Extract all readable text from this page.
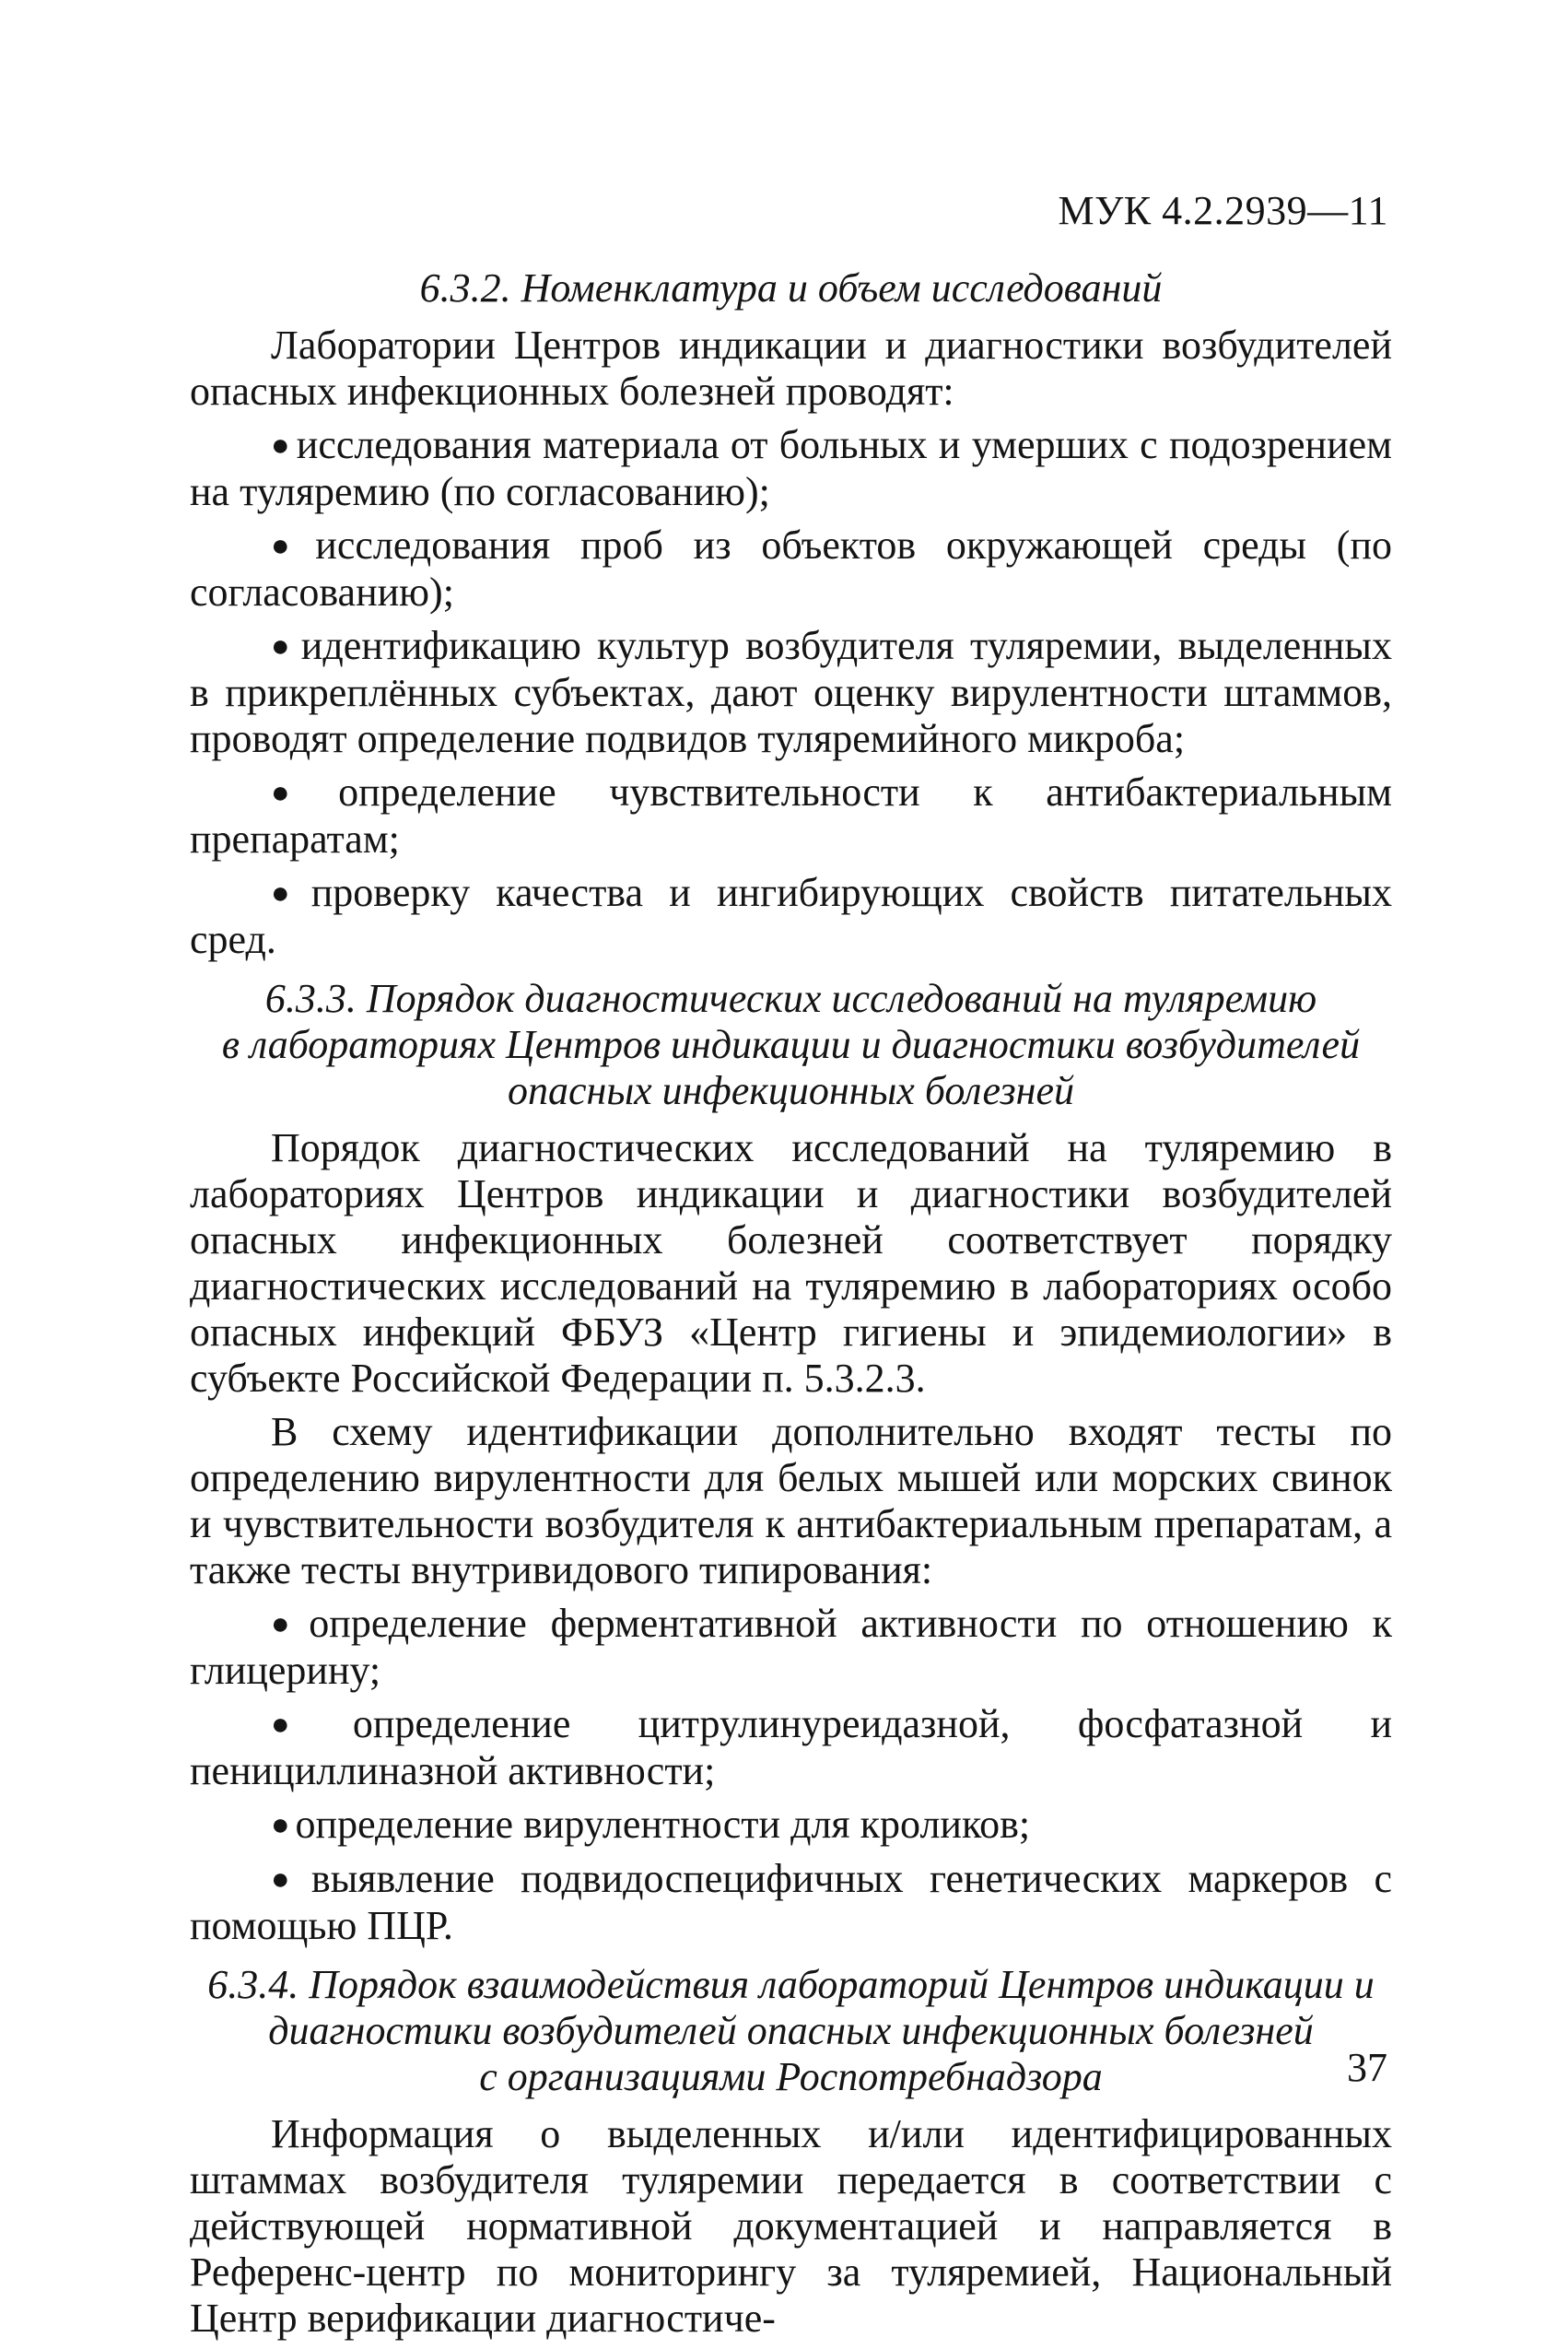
МУК 4.2.2939—11
6.3.2. Номенклатура и объем исследований

Лаборатории Центров индикации и диагностики возбудителей опасных инфекционных болезней проводят:

● исследования материала от больных и умерших с подозрением на туляремию (по согласованию);

● исследования проб из объектов окружающей среды (по согласованию);

● идентификацию культур возбудителя туляремии, выделенных в прикреплённых субъектах, дают оценку вирулентности штаммов, проводят определение подвидов туляремийного микроба;

● определение чувствительности к антибактериальным препаратам;

● проверку качества и ингибирующих свойств питательных сред.

6.3.3. Порядок диагностических исследований на туляремию
в лабораториях Центров индикации и диагностики возбудителей
опасных инфекционных болезней

Порядок диагностических исследований на туляремию в лабораториях Центров индикации и диагностики возбудителей опасных инфекционных болезней соответствует порядку диагностических исследований на туляремию в лабораториях особо опасных инфекций ФБУЗ «Центр гигиены и эпидемиологии» в субъекте Российской Федерации п. 5.3.2.3.

В схему идентификации дополнительно входят тесты по определению вирулентности для белых мышей или морских свинок и чувствительности возбудителя к антибактериальным препаратам, а также тесты внутривидового типирования:

● определение ферментативной активности по отношению к глицерину;

● определение цитрулинуреидазной, фосфатазной и пенициллиназной активности;

● определение вирулентности для кроликов;

● выявление подвидоспецифичных генетических маркеров с помощью ПЦР.

6.3.4. Порядок взаимодействия лабораторий Центров индикации и
диагностики возбудителей опасных инфекционных болезней
с организациями Роспотребнадзора

Информация о выделенных и/или идентифицированных штаммах возбудителя туляремии передается в соответствии с действующей нормативной документацией и направляется в Референс-центр по мониторингу за туляремией, Национальный Центр верификации диагностиче-

37
